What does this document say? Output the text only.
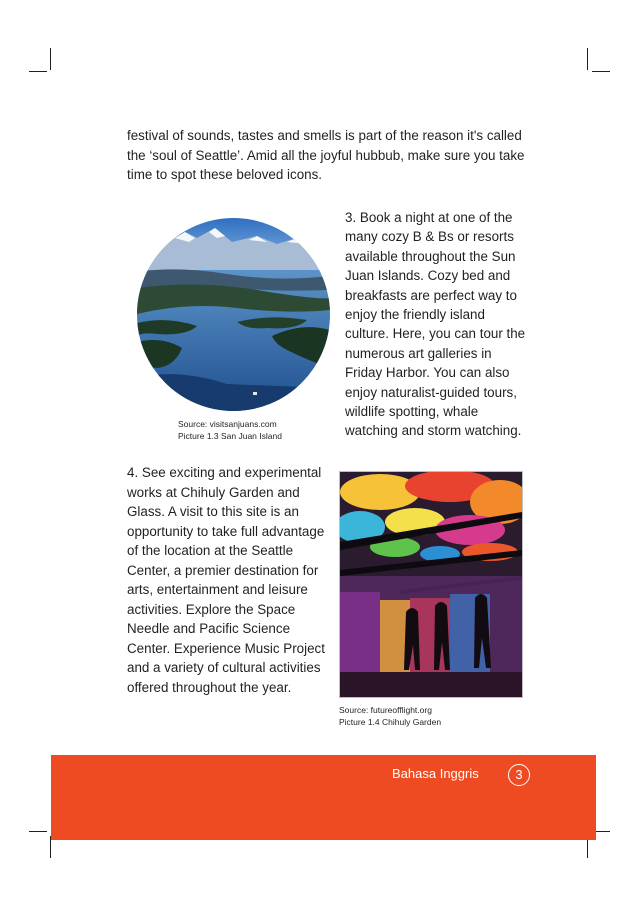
festival of sounds, tastes and smells is part of the reason it's called the ‘soul of Seattle’. Amid all the joyful hubbub, make sure you take time to spot these beloved icons.

Source: visitsanjuans.com
Picture 1.3 San Juan Island

3. Book a night at one of the many cozy B & Bs or resorts available throughout the Sun Juan Islands. Cozy bed and breakfasts are perfect way to enjoy the friendly island culture. Here, you can tour the numerous art galleries in Friday Harbor. You can also enjoy naturalist-guided tours, wildlife spotting, whale watching and storm watching.

4. See exciting and experimental works at Chihuly Garden and Glass. A visit to this site is an opportunity to take full advantage of the location at the Seattle Center, a premier destination for arts, entertainment and leisure activities. Explore the Space Needle and Pacific Science Center. Experience Music Project and a variety of cultural activities offered throughout the year.

Source: futureofflight.org
Picture 1.4 Chihuly Garden
Bahasa Inggris	3
